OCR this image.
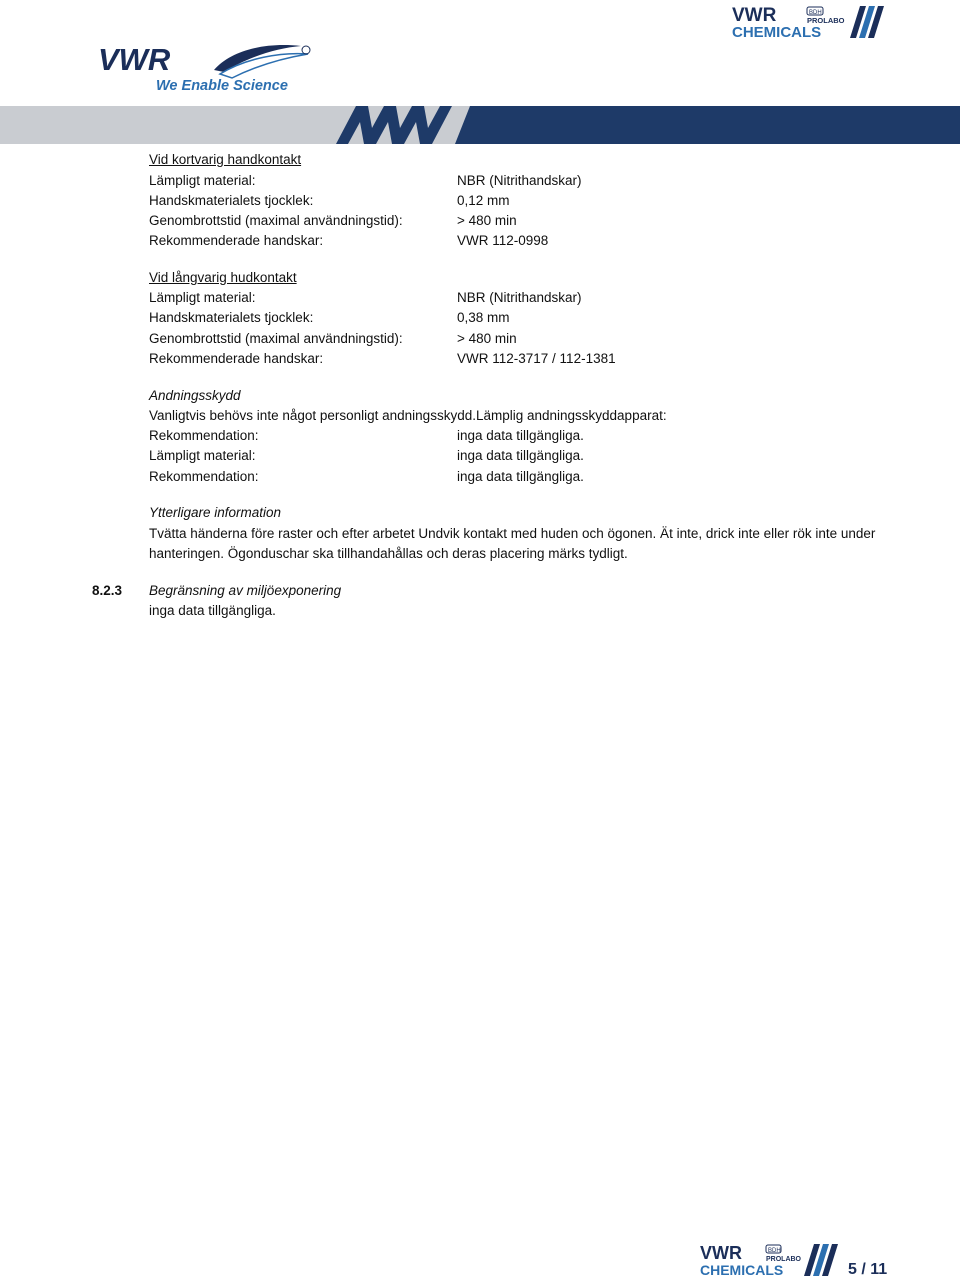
VWR
We Enable Science
VWR	BDH
PROLABO
CHEMICALS
Vid kortvarig handkontakt
Lämpligt material:	NBR (Nitrithandskar)
Handskmaterialets tjocklek:	0,12 mm
Genombrottstid (maximal användningstid):	> 480 min
Rekommenderade handskar:	VWR 112-0998
Vid långvarig hudkontakt
Lämpligt material:	NBR (Nitrithandskar)
Handskmaterialets tjocklek:	0,38 mm
Genombrottstid (maximal användningstid):	> 480 min
Rekommenderade handskar:	VWR 112-3717 / 112-1381
Andningsskydd
Vanligtvis behövs inte något personligt andningsskydd.Lämplig andningsskyddapparat:
Rekommendation:	inga data tillgängliga.
Lämpligt material:	inga data tillgängliga.
Rekommendation:	inga data tillgängliga.
Ytterligare information
Tvätta händerna före raster och efter arbetet Undvik kontakt med huden och ögonen. Ät inte, drick inte eller rök inte under
hanteringen. Ögonduschar ska tillhandahållas och deras placering märks tydligt.
8.2.3 Begränsning av miljöexponering
inga data tillgängliga.
VWR	BDH
PROLABO
CHEMICALS	5 / 11
